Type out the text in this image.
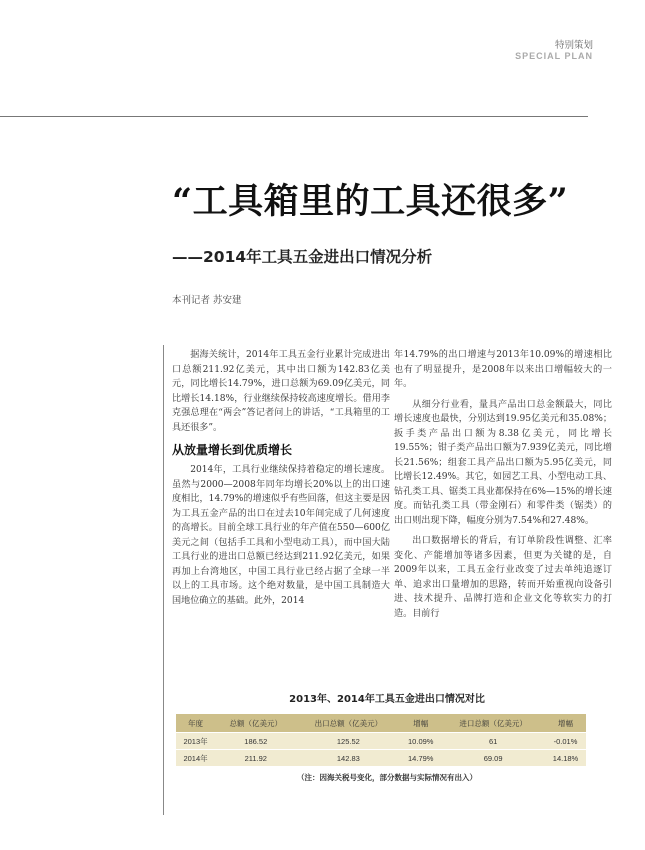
特别策划
SPECIAL PLAN
“工具箱里的工具还很多”
——2014年工具五金进出口情况分析
本刊记者 苏安建

据海关统计，2014年工具五金行业累计完成进出口总额211.92亿美元，其中出口额为142.83亿美元，同比增长14.79%，进口总额为69.09亿美元，同比增长14.18%，行业继续保持较高速度增长。借用李克强总理在“两会”答记者问上的讲话，“工具箱里的工具还很多”。

从放量增长到优质增长

2014年，工具行业继续保持着稳定的增长速度。虽然与2000—2008年同年均增长20%以上的出口速度相比，14.79%的增速似乎有些回落，但这主要是因为工具五金产品的出口在过去10年间完成了几何速度的高增长。目前全球工具行业的年产值在550—600亿美元之间（包括手工具和小型电动工具），而中国大陆工具行业的进出口总额已经达到211.92亿美元，如果再加上台湾地区，中国工具行业已经占据了全球一半以上的工具市场。这个绝对数量，是中国工具制造大国地位确立的基础。此外，2014

年14.79%的出口增速与2013年10.09%的增速相比也有了明显提升，是2008年以来出口增幅较大的一年。

从细分行业看，量具产品出口总金额最大，同比增长速度也最快，分别达到19.95亿美元和35.08%；扳手类产品出口额为8.38亿美元，同比增长19.55%；钳子类产品出口额为7.939亿美元，同比增长21.56%；组套工具产品出口额为5.95亿美元，同比增长12.49%。其它，如园艺工具、小型电动工具、钻孔类工具、锯类工具业都保持在6%—15%的增长速度。而钻孔类工具（带金刚石）和零件类（锯类）的出口则出现下降，幅度分别为7.54%和27.48%。

出口数据增长的背后，有订单阶段性调整、汇率变化、产能增加等诸多因素，但更为关键的是，自2009年以来，工具五金行业改变了过去单纯追逐订单、追求出口量增加的思路，转而开始重视向设备引进、技术提升、品牌打造和企业文化等软实力的打造。目前行

2013年、2014年工具五金进出口情况对比
年度	总额（亿美元）	出口总额（亿美元）	增幅	进口总额（亿美元）	增幅
2013年	186.52	125.52	10.09%	61	-0.01%
2014年	211.92	142.83	14.79%	69.09	14.18%
（注：因海关税号变化，部分数据与实际情况有出入）
